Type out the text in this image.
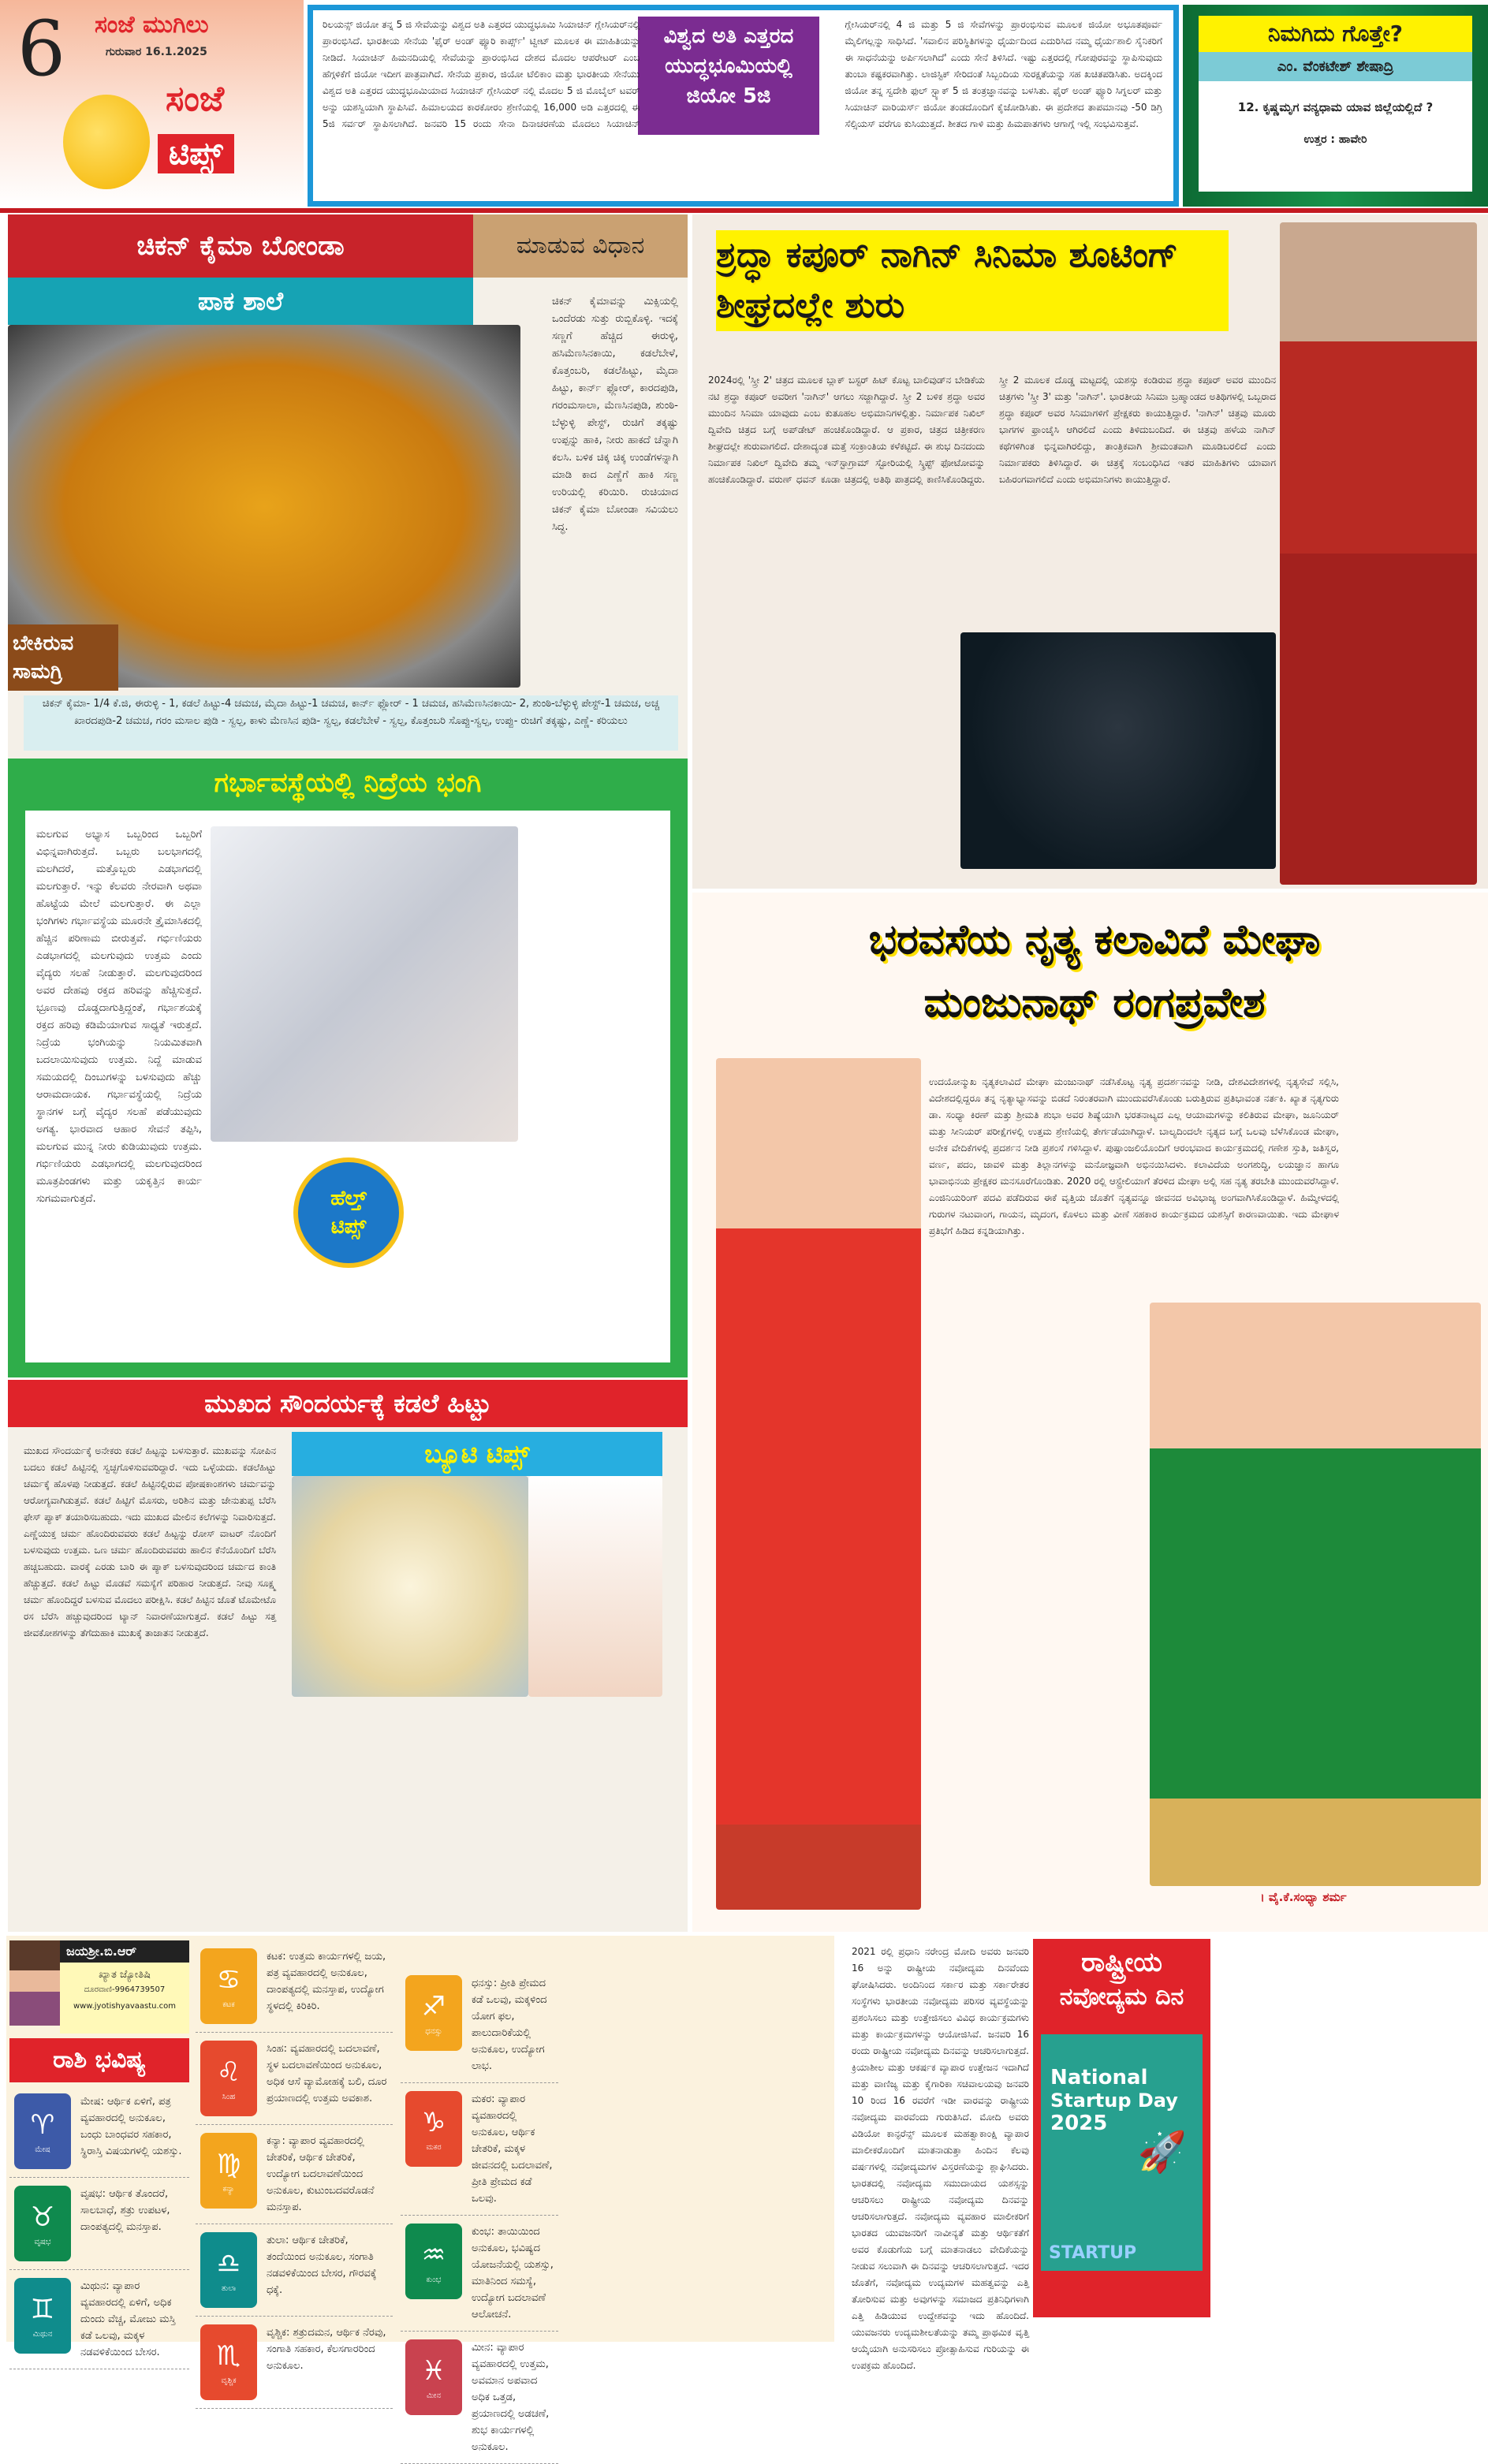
6 ಸಂಜೆ ಮುಗಿಲು
ಗುರುವಾರ 16.1.2025
ಸಂಜೆ
ಟಿಪ್ಸ್
ವಿಶ್ವದ ಅತಿ ಎತ್ತರದ ಯುದ್ಧಭೂಮಿಯಲ್ಲಿ ಜಿಯೋ 5ಜಿ
ರಿಲಯನ್ಸ್ ಜಿಯೋ ತನ್ನ 5 ಜಿ ಸೇವೆಯನ್ನು ವಿಶ್ವದ ಅತಿ ಎತ್ತರದ ಯುದ್ಧಭೂಮಿ ಸಿಯಾಚಿನ್ ಗ್ಲೇಸಿಯರ್‌ನಲ್ಲಿ ಪ್ರಾರಂಭಿಸಿದೆ. ಭಾರತೀಯ ಸೇನೆಯ 'ಫೈರ್ ಅಂಡ್ ಫ್ಯೂರಿ ಕಾರ್ಪ್ಸ್' ಟ್ವೀಟ್ ಮೂಲಕ ಈ ಮಾಹಿತಿಯನ್ನು ನೀಡಿದೆ. ಸಿಯಾಚಿನ್ ಹಿಮನದಿಯಲ್ಲಿ ಸೇವೆಯನ್ನು ಪ್ರಾರಂಭಿಸಿದ ದೇಶದ ಮೊದಲ ಆಪರೇಟರ್ ಎಂಬ ಹೆಗ್ಗಳಿಕೆಗೆ ಜಿಯೋ ಇದೀಗ ಪಾತ್ರವಾಗಿದೆ. ಸೇನೆಯ ಪ್ರಕಾರ, ಜಿಯೋ ಟೆಲಿಕಾಂ ಮತ್ತು ಭಾರತೀಯ ಸೇನೆಯು ವಿಶ್ವದ ಅತಿ ಎತ್ತರದ ಯುದ್ಧಭೂಮಿಯಾದ ಸಿಯಾಚಿನ್ ಗ್ಲೇಸಿಯರ್ ನಲ್ಲಿ ಮೊದಲ 5 ಜಿ ಮೊಬೈಲ್ ಟವರ್ ಅನ್ನು ಯಶಸ್ವಿಯಾಗಿ ಸ್ಥಾಪಿಸಿವೆ. ಹಿಮಾಲಯದ ಕಾರಕೋರಂ ಶ್ರೇಣಿಯಲ್ಲಿ 16,000 ಅಡಿ ಎತ್ತರದಲ್ಲಿ ಈ 5ಜಿ ಸರ್ವರ್ ಸ್ಥಾಪಿಸಲಾಗಿದೆ. ಜನವರಿ 15 ರಂದು ಸೇನಾ ದಿನಾಚರಣೆಯ ಮೊದಲು ಸಿಯಾಚಿನ್ ಗ್ಲೇಸಿಯರ್‌ನಲ್ಲಿ 4 ಜಿ ಮತ್ತು 5 ಜಿ ಸೇವೆಗಳನ್ನು ಪ್ರಾರಂಭಿಸುವ ಮೂಲಕ ಜಿಯೋ ಅಭೂತಪೂರ್ವ ಮೈಲಿಗಲ್ಲನ್ನು ಸಾಧಿಸಿದೆ. 'ಸವಾಲಿನ ಪರಿಸ್ಥಿತಿಗಳನ್ನು ಧೈರ್ಯದಿಂದ ಎದುರಿಸಿದ ನಮ್ಮ ಧೈರ್ಯಶಾಲಿ ಸೈನಿಕರಿಗೆ ಈ ಸಾಧನೆಯನ್ನು ಅರ್ಪಿಸಲಾಗಿದೆ' ಎಂದು ಸೇನೆ ತಿಳಿಸಿದೆ. ಇಷ್ಟು ಎತ್ತರದಲ್ಲಿ ಗೋಪುರವನ್ನು ಸ್ಥಾಪಿಸುವುದು ತುಂಬಾ ಕಷ್ಟಕರವಾಗಿತ್ತು. ಲಾಜಿಸ್ಟಿಕ್ ಸೇರಿದಂತೆ ಸಿಬ್ಬಂದಿಯ ಸುರಕ್ಷತೆಯನ್ನು ಸಹ ಖಚಿತಪಡಿಸಿತು. ಅದಕ್ಕಿಂದ ಜಿಯೋ ತನ್ನ ಸ್ವದೇಶಿ ಫುಲ್ ಸ್ಟ್ಯಾಕ್ 5 ಜಿ ತಂತ್ರಜ್ಞಾನವನ್ನು ಬಳಸಿತು. ಫೈರ್ ಅಂಡ್ ಫ್ಯೂರಿ ಸಿಗ್ನಲರ್ ಮತ್ತು ಸಿಯಾಚಿನ್ ವಾರಿಯರ್ಸ್ ಜಿಯೋ ತಂಡದೊಂದಿಗೆ ಕೈಜೋಡಿಸಿತು. ಈ ಪ್ರದೇಶದ ತಾಪಮಾನವು -50 ಡಿಗ್ರಿ ಸೆಲ್ಸಿಯಸ್ ವರೆಗೂ ಕುಸಿಯುತ್ತದೆ. ಶೀತದ ಗಾಳಿ ಮತ್ತು ಹಿಮಪಾತಗಳು ಆಗಾಗ್ಗೆ ಇಲ್ಲಿ ಸಂಭವಿಸುತ್ತವೆ.
ನಿಮಗಿದು ಗೊತ್ತೇ?
ಎಂ. ವೆಂಕಟೇಶ್ ಶೇಷಾದ್ರಿ
12. ಕೃಷ್ಣಮೃಗ ವನ್ಯಧಾಮ ಯಾವ ಜಿಲ್ಲೆಯಲ್ಲಿದೆ ?
ಉತ್ತರ : ಹಾವೇರಿ
ಚಿಕನ್ ಕೈಮಾ ಬೋಂಡಾ	ಮಾಡುವ ವಿಧಾನ
ಪಾಕ ಶಾಲೆ
ಬೇಕಿರುವ ಸಾಮಗ್ರಿ
ಚಿಕನ್ ಕೈಮಾವನ್ನು ಮಿಕ್ಸಿಯಲ್ಲಿ ಒಂದೆರಡು ಸುತ್ತು ರುಬ್ಬಿಕೊಳ್ಳಿ. ಇದಕ್ಕೆ ಸಣ್ಣಗೆ ಹೆಚ್ಚಿದ ಈರುಳ್ಳಿ, ಹಸಿಮೆಣಸಿನಕಾಯಿ, ಕಡಲೆಬೇಳೆ, ಕೊತ್ತಂಬರಿ, ಕಡಲೆಹಿಟ್ಟು, ಮೈದಾ ಹಿಟ್ಟು, ಕಾರ್ನ್ ಫ್ಲೋರ್, ಕಾರದಪುಡಿ, ಗರಂಮಸಾಲಾ, ಮೆಣಸಿನಪುಡಿ, ಶುಂಠಿ-ಬೆಳ್ಳುಳ್ಳಿ ಪೇಸ್ಟ್, ರುಚಿಗೆ ತಕ್ಕಷ್ಟು ಉಪ್ಪನ್ನು ಹಾಕಿ, ನೀರು ಹಾಕದೆ ಚೆನ್ನಾಗಿ ಕಲಸಿ. ಬಳಿಕ ಚಿಕ್ಕ ಚಿಕ್ಕ ಉಂಡೆಗಳನ್ನಾಗಿ ಮಾಡಿ ಕಾದ ಎಣ್ಣೆಗೆ ಹಾಕಿ ಸಣ್ಣ ಉರಿಯಲ್ಲಿ ಕರಿಯಿರಿ. ರುಚಿಯಾದ ಚಿಕನ್ ಕೈಮಾ ಬೋಂಡಾ ಸವಿಯಲು ಸಿದ್ಧ.
ಚಿಕನ್ ಕೈಮಾ- 1/4 ಕೆ.ಜಿ, ಈರುಳ್ಳಿ - 1, ಕಡಲೆ ಹಿಟ್ಟು-4 ಚಮಚ, ಮೈದಾ ಹಿಟ್ಟು-1 ಚಮಚ, ಕಾರ್ನ್ ಫ್ಲೋರ್ - 1 ಚಮಚ, ಹಸಿಮೆಣಸಿನಕಾಯಿ- 2, ಶುಂಠಿ-ಬೆಳ್ಳುಳ್ಳಿ ಪೇಸ್ಟ್-1 ಚಮಚ, ಅಚ್ಚ ಖಾರದಪುಡಿ-2 ಚಮಚ, ಗರಂ ಮಸಾಲ ಪುಡಿ - ಸ್ವಲ್ಪ, ಕಾಳು ಮೆಣಸಿನ ಪುಡಿ- ಸ್ವಲ್ಪ, ಕಡಲೆಬೇಳೆ - ಸ್ವಲ್ಪ, ಕೊತ್ತಂಬರಿ ಸೊಪ್ಪು-ಸ್ವಲ್ಪ, ಉಪ್ಪು- ರುಚಿಗೆ ತಕ್ಕಷ್ಟು, ಎಣ್ಣೆ- ಕರಿಯಲು
ಶ್ರದ್ಧಾ ಕಪೂರ್ ನಾಗಿನ್ ಸಿನಿಮಾ ಶೂಟಿಂಗ್ ಶೀಘ್ರದಲ್ಲೇ ಶುರು
2024ರಲ್ಲಿ 'ಸ್ತ್ರೀ 2' ಚಿತ್ರದ ಮೂಲಕ ಬ್ಲಾಕ್ ಬಸ್ಟರ್ ಹಿಟ್ ಕೊಟ್ಟ ಬಾಲಿವುಡ್‌ನ ಬೇಡಿಕೆಯ ನಟಿ ಶ್ರದ್ಧಾ ಕಪೂರ್ ಅವರೀಗ 'ನಾಗಿನ್' ಆಗಲು ಸಜ್ಜಾಗಿದ್ದಾರೆ. ಸ್ತ್ರೀ 2 ಬಳಿಕ ಶ್ರದ್ಧಾ ಅವರ ಮುಂದಿನ ಸಿನಿಮಾ ಯಾವುದು ಎಂಬ ಕುತೂಹಲ ಅಭಿಮಾನಿಗಳಲ್ಲಿತ್ತು. ನಿರ್ಮಾಪಕ ನಿಖಿಲ್ ದ್ವಿವೇದಿ ಚಿತ್ರದ ಬಗ್ಗೆ ಅಪ್‌ಡೇಟ್ ಹಂಚಿಕೊಂಡಿದ್ದಾರೆ. ಆ ಪ್ರಕಾರ, ಚಿತ್ರದ ಚಿತ್ರೀಕರಣ ಶೀಘ್ರದಲ್ಲೇ ಶುರುವಾಗಲಿದೆ. ದೇಶಾದ್ಯಂತ ಮತ್ತೆ ಸಂಕ್ರಾಂತಿಯ ಕಳೆಕಟ್ಟಿದೆ. ಈ ಶುಭ ದಿನದಂದು ನಿರ್ಮಾಪಕ ನಿಖಿಲ್ ದ್ವಿವೇದಿ ತಮ್ಮ ಇನ್‌ಸ್ಟಾಗ್ರಾಮ್ ಸ್ಟೋರಿಯಲ್ಲಿ ಸ್ಕ್ರಿಪ್ಟ್ ಫೋಟೋವನ್ನು ಹಂಚಿಕೊಂಡಿದ್ದಾರೆ. ವರುಣ್ ಧವನ್ ಕೂಡಾ ಚಿತ್ರದಲ್ಲಿ ಅತಿಥಿ ಪಾತ್ರದಲ್ಲಿ ಕಾಣಿಸಿಕೊಂಡಿದ್ದರು. ಸ್ತ್ರೀ 2 ಮೂಲಕ ದೊಡ್ಡ ಮಟ್ಟದಲ್ಲಿ ಯಶಸ್ಸು ಕಂಡಿರುವ ಶ್ರದ್ಧಾ ಕಪೂರ್ ಅವರ ಮುಂದಿನ ಚಿತ್ರಗಳು 'ಸ್ತ್ರೀ 3' ಮತ್ತು 'ನಾಗಿನ್'. ಭಾರತೀಯ ಸಿನಿಮಾ ಬ್ರಹ್ಮಾಂಡದ ಅತಿಥಿಗಳಲ್ಲಿ ಒಬ್ಬರಾದ ಶ್ರದ್ಧಾ ಕಪೂರ್ ಅವರ ಸಿನಿಮಾಗಳಿಗೆ ಪ್ರೇಕ್ಷಕರು ಕಾಯುತ್ತಿದ್ದಾರೆ. 'ನಾಗಿನ್' ಚಿತ್ರವು ಮೂರು ಭಾಗಗಳ ಫ್ರಾಂಚೈಸಿ ಆಗಿರಲಿದೆ ಎಂದು ತಿಳಿದುಬಂದಿದೆ. ಈ ಚಿತ್ರವು ಹಳೆಯ ನಾಗಿನ್ ಕಥೆಗಳಿಗಿಂತ ಭಿನ್ನವಾಗಿರಲಿದ್ದು, ತಾಂತ್ರಿಕವಾಗಿ ಶ್ರೀಮಂತವಾಗಿ ಮೂಡಿಬರಲಿದೆ ಎಂದು ನಿರ್ಮಾಪಕರು ತಿಳಿಸಿದ್ದಾರೆ. ಈ ಚಿತ್ರಕ್ಕೆ ಸಂಬಂಧಿಸಿದ ಇತರ ಮಾಹಿತಿಗಳು ಯಾವಾಗ ಬಹಿರಂಗವಾಗಲಿದೆ ಎಂದು ಅಭಿಮಾನಿಗಳು ಕಾಯುತ್ತಿದ್ದಾರೆ.
ಗರ್ಭಾವಸ್ಥೆಯಲ್ಲಿ ನಿದ್ರೆಯ ಭಂಗಿ
ಹೆಲ್ತ್
ಟಿಪ್ಸ್
ಮಲಗುವ ಅಭ್ಯಾಸ ಒಬ್ಬರಿಂದ ಒಬ್ಬರಿಗೆ ವಿಭಿನ್ನವಾಗಿರುತ್ತದೆ. ಒಬ್ಬರು ಬಲಭಾಗದಲ್ಲಿ ಮಲಗಿದರೆ, ಮತ್ತೊಬ್ಬರು ಎಡಭಾಗದಲ್ಲಿ ಮಲಗುತ್ತಾರೆ. ಇನ್ನು ಕೆಲವರು ನೇರವಾಗಿ ಅಥವಾ ಹೊಟ್ಟೆಯ ಮೇಲೆ ಮಲಗುತ್ತಾರೆ. ಈ ಎಲ್ಲಾ ಭಂಗಿಗಳು ಗರ್ಭಾವಸ್ಥೆಯ ಮೂರನೇ ತ್ರೈಮಾಸಿಕದಲ್ಲಿ ಹೆಚ್ಚಿನ ಪರಿಣಾಮ ಬೀರುತ್ತವೆ. ಗರ್ಭಿಣಿಯರು ಎಡಭಾಗದಲ್ಲಿ ಮಲಗುವುದು ಉತ್ತಮ ಎಂದು ವೈದ್ಯರು ಸಲಹೆ ನೀಡುತ್ತಾರೆ. ಮಲಗುವುದರಿಂದ ಅವರ ದೇಹವು ರಕ್ತದ ಹರಿವನ್ನು ಹೆಚ್ಚಿಸುತ್ತದೆ. ಭ್ರೂಣವು ದೊಡ್ಡದಾಗುತ್ತಿದ್ದಂತೆ, ಗರ್ಭಾಶಯಕ್ಕೆ ರಕ್ತದ ಹರಿವು ಕಡಿಮೆಯಾಗುವ ಸಾಧ್ಯತೆ ಇರುತ್ತದೆ. ನಿದ್ರೆಯ ಭಂಗಿಯನ್ನು ನಿಯಮಿತವಾಗಿ ಬದಲಾಯಿಸುವುದು ಉತ್ತಮ. ನಿದ್ದೆ ಮಾಡುವ ಸಮಯದಲ್ಲಿ ದಿಂಬುಗಳನ್ನು ಬಳಸುವುದು ಹೆಚ್ಚು ಆರಾಮದಾಯಕ. ಗರ್ಭಾವಸ್ಥೆಯಲ್ಲಿ ನಿದ್ರೆಯ ಸ್ಥಾನಗಳ ಬಗ್ಗೆ ವೈದ್ಯರ ಸಲಹೆ ಪಡೆಯುವುದು ಅಗತ್ಯ. ಭಾರವಾದ ಆಹಾರ ಸೇವನೆ ತಪ್ಪಿಸಿ, ಮಲಗುವ ಮುನ್ನ ನೀರು ಕುಡಿಯುವುದು ಉತ್ತಮ. ಗರ್ಭಿಣಿಯರು ಎಡಭಾಗದಲ್ಲಿ ಮಲಗುವುದರಿಂದ ಮೂತ್ರಪಿಂಡಗಳು ಮತ್ತು ಯಕೃತ್ತಿನ ಕಾರ್ಯ ಸುಗಮವಾಗುತ್ತದೆ.
ಭರವಸೆಯ ನೃತ್ಯ ಕಲಾವಿದೆ ಮೇಘಾ
ಮಂಜುನಾಥ್ ರಂಗಪ್ರವೇಶ
ಉದಯೋನ್ಮುಖ ನೃತ್ಯಕಲಾವಿದೆ ಮೇಘಾ ಮಂಜುನಾಥ್ ನಡೆಸಿಕೊಟ್ಟ ನೃತ್ಯ ಪ್ರದರ್ಶನವನ್ನು ನೀಡಿ, ದೇಶವಿದೇಶಗಳಲ್ಲಿ ನೃತ್ಯಸೇವೆ ಸಲ್ಲಿಸಿ, ವಿದೇಶದಲ್ಲಿದ್ದರೂ ತನ್ನ ನೃತ್ಯಾಭ್ಯಾಸವನ್ನು ಬಿಡದೆ ನಿರಂತರವಾಗಿ ಮುಂದುವರೆಸಿಕೊಂಡು ಬರುತ್ತಿರುವ ಪ್ರತಿಭಾವಂತ ನರ್ತಕಿ. ಖ್ಯಾತ ನೃತ್ಯಗುರು ಡಾ. ಸಂಧ್ಯಾ ಕಿರಣ್ ಮತ್ತು ಶ್ರೀಮತಿ ಶುಭಾ ಅವರ ಶಿಷ್ಯೆಯಾಗಿ ಭರತನಾಟ್ಯದ ಎಲ್ಲ ಆಯಾಮಗಳನ್ನು ಕಲಿತಿರುವ ಮೇಘಾ, ಜೂನಿಯರ್ ಮತ್ತು ಸೀನಿಯರ್ ಪರೀಕ್ಷೆಗಳಲ್ಲಿ ಉತ್ತಮ ಶ್ರೇಣಿಯಲ್ಲಿ ತೇರ್ಗಡೆಯಾಗಿದ್ದಾಳೆ. ಬಾಲ್ಯದಿಂದಲೇ ನೃತ್ಯದ ಬಗ್ಗೆ ಒಲವು ಬೆಳೆಸಿಕೊಂಡ ಮೇಘಾ, ಅನೇಕ ವೇದಿಕೆಗಳಲ್ಲಿ ಪ್ರದರ್ಶನ ನೀಡಿ ಪ್ರಶಂಸೆ ಗಳಿಸಿದ್ದಾಳೆ. ಪುಷ್ಪಾಂಜಲಿಯೊಂದಿಗೆ ಆರಂಭವಾದ ಕಾರ್ಯಕ್ರಮದಲ್ಲಿ ಗಣೇಶ ಸ್ತುತಿ, ಜತಿಸ್ವರ, ವರ್ಣ, ಪದಂ, ಜಾವಳಿ ಮತ್ತು ತಿಲ್ಲಾನಗಳನ್ನು ಮನೋಜ್ಞವಾಗಿ ಅಭಿನಯಿಸಿದಳು. ಕಲಾವಿದೆಯ ಅಂಗಶುದ್ಧಿ, ಲಯಜ್ಞಾನ ಹಾಗೂ ಭಾವಾಭಿನಯ ಪ್ರೇಕ್ಷಕರ ಮನಸೂರೆಗೊಂಡಿತು. 2020 ರಲ್ಲಿ ಆಸ್ಟ್ರೇಲಿಯಾಗೆ ತೆರಳಿದ ಮೇಘಾ ಅಲ್ಲಿ ಸಹ ನೃತ್ಯ ತರಬೇತಿ ಮುಂದುವರೆಸಿದ್ದಾಳೆ. ಎಂಜಿನಿಯರಿಂಗ್ ಪದವಿ ಪಡೆದಿರುವ ಈಕೆ ವೃತ್ತಿಯ ಜೊತೆಗೆ ನೃತ್ಯವನ್ನೂ ಜೀವನದ ಅವಿಭಾಜ್ಯ ಅಂಗವಾಗಿಸಿಕೊಂಡಿದ್ದಾಳೆ. ಹಿಮ್ಮೇಳದಲ್ಲಿ ಗುರುಗಳ ನಟುವಾಂಗ, ಗಾಯನ, ಮೃದಂಗ, ಕೊಳಲು ಮತ್ತು ವೀಣೆ ಸಹಕಾರ ಕಾರ್ಯಕ್ರಮದ ಯಶಸ್ಸಿಗೆ ಕಾರಣವಾಯಿತು. ಇದು ಮೇಘಾಳ ಪ್ರತಿಭೆಗೆ ಹಿಡಿದ ಕನ್ನಡಿಯಾಗಿತ್ತು.
। ವೈ.ಕೆ.ಸಂಧ್ಯಾ ಶರ್ಮ
ಮುಖದ ಸೌಂದರ್ಯಕ್ಕೆ ಕಡಲೆ ಹಿಟ್ಟು
ಬ್ಯೂಟಿ ಟಿಪ್ಸ್
ಮುಖದ ಸೌಂದರ್ಯಕ್ಕೆ ಅನೇಕರು ಕಡಲೆ ಹಿಟ್ಟನ್ನು ಬಳಸುತ್ತಾರೆ. ಮುಖವನ್ನು ಸೋಪಿನ ಬದಲು ಕಡಲೆ ಹಿಟ್ಟಿನಲ್ಲಿ ಸ್ವಚ್ಛಗೊಳಿಸುವವರಿದ್ದಾರೆ. ಇದು ಒಳ್ಳೆಯದು. ಕಡಲೆಹಿಟ್ಟು ಚರ್ಮಕ್ಕೆ ಹೊಳಪು ನೀಡುತ್ತದೆ. ಕಡಲೆ ಹಿಟ್ಟಿನಲ್ಲಿರುವ ಪೋಷಕಾಂಶಗಳು ಚರ್ಮವನ್ನು ಆರೋಗ್ಯವಾಗಿಡುತ್ತವೆ. ಕಡಲೆ ಹಿಟ್ಟಿಗೆ ಮೊಸರು, ಅರಿಶಿನ ಮತ್ತು ಜೇನುತುಪ್ಪ ಬೆರೆಸಿ ಫೇಸ್ ಪ್ಯಾಕ್ ತಯಾರಿಸಬಹುದು. ಇದು ಮುಖದ ಮೇಲಿನ ಕಲೆಗಳನ್ನು ನಿವಾರಿಸುತ್ತದೆ. ಎಣ್ಣೆಯುಕ್ತ ಚರ್ಮ ಹೊಂದಿರುವವರು ಕಡಲೆ ಹಿಟ್ಟನ್ನು ರೋಸ್ ವಾಟರ್ ನೊಂದಿಗೆ ಬಳಸುವುದು ಉತ್ತಮ. ಒಣ ಚರ್ಮ ಹೊಂದಿರುವವರು ಹಾಲಿನ ಕೆನೆಯೊಂದಿಗೆ ಬೆರೆಸಿ ಹಚ್ಚಬಹುದು. ವಾರಕ್ಕೆ ಎರಡು ಬಾರಿ ಈ ಪ್ಯಾಕ್ ಬಳಸುವುದರಿಂದ ಚರ್ಮದ ಕಾಂತಿ ಹೆಚ್ಚುತ್ತದೆ. ಕಡಲೆ ಹಿಟ್ಟು ಮೊಡವೆ ಸಮಸ್ಯೆಗೆ ಪರಿಹಾರ ನೀಡುತ್ತದೆ. ನೀವು ಸೂಕ್ಷ್ಮ ಚರ್ಮ ಹೊಂದಿದ್ದರೆ ಬಳಸುವ ಮೊದಲು ಪರೀಕ್ಷಿಸಿ. ಕಡಲೆ ಹಿಟ್ಟಿನ ಜೊತೆ ಟೊಮೇಟೊ ರಸ ಬೆರೆಸಿ ಹಚ್ಚುವುದರಿಂದ ಟ್ಯಾನ್ ನಿವಾರಣೆಯಾಗುತ್ತದೆ. ಕಡಲೆ ಹಿಟ್ಟು ಸತ್ತ ಜೀವಕೋಶಗಳನ್ನು ತೆಗೆದುಹಾಕಿ ಮುಖಕ್ಕೆ ತಾಜಾತನ ನೀಡುತ್ತದೆ.
ಜಯಶ್ರೀ.ಬಿ.ಆರ್
ಖ್ಯಾತ ಜ್ಯೋತಿಷಿ
ದೂರವಾಣಿ-9964739507
www.jyotishyavaastu.com
ರಾಶಿ ಭವಿಷ್ಯ
♈
ಮೇಷ

ಮೇಷ: ಆರ್ಥಿಕ ಏಳಿಗೆ, ಪತ್ರ ವ್ಯವಹಾರದಲ್ಲಿ ಅನುಕೂಲ, ಬಂಧು ಬಾಂಧವರ ಸಹಕಾರ, ಸ್ಥಿರಾಸ್ತಿ ವಿಷಯಗಳಲ್ಲಿ ಯಶಸ್ಸು.

♉
ವೃಷಭ

ವೃಷಭ: ಆರ್ಥಿಕ ತೊಂದರೆ, ಸಾಲಬಾಧೆ, ಶತ್ರು ಉಪಟಳ, ದಾಂಪತ್ಯದಲ್ಲಿ ಮನಸ್ತಾಪ.

♊
ಮಿಥುನ

ಮಿಥುನ: ವ್ಯಾಪಾರ ವ್ಯವಹಾರದಲ್ಲಿ ಏಳಿಗೆ, ಅಧಿಕ ದುಂದು ವೆಚ್ಚ, ಮೋಜು ಮಸ್ತಿ ಕಡೆ ಒಲವು, ಮಕ್ಕಳ ನಡವಳಿಕೆಯಿಂದ ಬೇಸರ.

♋
ಕಟಕ

ಕಟಕ: ಉತ್ತಮ ಕಾರ್ಯಗಳಲ್ಲಿ ಜಯ, ಪತ್ರ ವ್ಯವಹಾರದಲ್ಲಿ ಅನುಕೂಲ, ದಾಂಪತ್ಯದಲ್ಲಿ ಮನಸ್ತಾಪ, ಉದ್ಯೋಗ ಸ್ಥಳದಲ್ಲಿ ಕಿರಿಕಿರಿ.

♌
ಸಿಂಹ

ಸಿಂಹ: ವ್ಯವಹಾರದಲ್ಲಿ ಬದಲಾವಣೆ, ಸ್ಥಳ ಬದಲಾವಣೆಯಿಂದ ಅನುಕೂಲ, ಅಧಿಕ ಆಸೆ ವ್ಯಾಮೋಹಕ್ಕೆ ಬಲಿ, ದೂರ ಪ್ರಯಾಣದಲ್ಲಿ ಉತ್ತಮ ಅವಕಾಶ.

♍
ಕನ್ಯಾ

ಕನ್ಯಾ: ವ್ಯಾಪಾರ ವ್ಯವಹಾರದಲ್ಲಿ ಚೇತರಿಕೆ, ಆರ್ಥಿಕ ಚೇತರಿಕೆ, ಉದ್ಯೋಗ ಬದಲಾವಣೆಯಿಂದ ಅನುಕೂಲ, ಕುಟುಂಬದವರೊಡನೆ ಮನಸ್ತಾಪ.

♎
ತುಲಾ

ತುಲಾ: ಆರ್ಥಿಕ ಚೇತರಿಕೆ, ತಂದೆಯಿಂದ ಅನುಕೂಲ, ಸಂಗಾತಿ ನಡವಳಿಕೆಯಿಂದ ಬೇಸರ, ಗೌರವಕ್ಕೆ ಧಕ್ಕೆ.

♏
ವೃಶ್ಚಿಕ

ವೃಶ್ಚಿಕ: ಶತ್ರುದಮನ, ಆರ್ಥಿಕ ನೆರವು, ಸಂಗಾತಿ ಸಹಕಾರ, ಕೆಲಸಗಾರರಿಂದ ಅನುಕೂಲ.

♐
ಧನಸ್ಸು

ಧನಸ್ಸು: ಪ್ರೀತಿ ಪ್ರೇಮದ ಕಡೆ ಒಲವು, ಮಕ್ಕಳಿಂದ ಯೋಗ ಫಲ, ಪಾಲುದಾರಿಕೆಯಲ್ಲಿ ಅನುಕೂಲ, ಉದ್ಯೋಗ ಲಾಭ.

♑
ಮಕರ

ಮಕರ: ವ್ಯಾಪಾರ ವ್ಯವಹಾರದಲ್ಲಿ ಅನುಕೂಲ, ಆರ್ಥಿಕ ಚೇತರಿಕೆ, ಮಕ್ಕಳ ಜೀವನದಲ್ಲಿ ಬದಲಾವಣೆ, ಪ್ರೀತಿ ಪ್ರೇಮದ ಕಡೆ ಒಲವು.

♒
ಕುಂಭ

ಕುಂಭ: ತಾಯಿಯಿಂದ ಅನುಕೂಲ, ಭವಿಷ್ಯದ ಯೋಜನೆಯಲ್ಲಿ ಯಶಸ್ಸು, ಮಾತಿನಿಂದ ಸಮಸ್ಯೆ, ಉದ್ಯೋಗ ಬದಲಾವಣೆ ಆಲೋಚನೆ.

♓
ಮೀನ

ಮೀನ: ವ್ಯಾಪಾರ ವ್ಯವಹಾರದಲ್ಲಿ ಉತ್ತಮ, ಅವಮಾನ ಅಪವಾದ ಅಧಿಕ ಒತ್ತಡ, ಪ್ರಯಾಣದಲ್ಲಿ ಅಡಚಣೆ, ಶುಭ ಕಾರ್ಯಗಳಲ್ಲಿ ಅನುಕೂಲ.

ರಾಷ್ಟ್ರೀಯ
ನವೋದ್ಯಮ ದಿನ
National
Startup Day
2025
🚀
STARTUP
2021 ರಲ್ಲಿ ಪ್ರಧಾನಿ ನರೇಂದ್ರ ಮೋದಿ ಅವರು ಜನವರಿ 16 ಅನ್ನು ರಾಷ್ಟ್ರೀಯ ನವೋದ್ಯಮ ದಿನವೆಂದು ಘೋಷಿಸಿದರು. ಅಂದಿನಿಂದ ಸರ್ಕಾರ ಮತ್ತು ಸರ್ಕಾರೇತರ ಸಂಸ್ಥೆಗಳು ಭಾರತೀಯ ನವೋದ್ಯಮ ಪರಿಸರ ವ್ಯವಸ್ಥೆಯನ್ನು ಪ್ರಶಂಸಿಸಲು ಮತ್ತು ಉತ್ತೇಜಿಸಲು ವಿವಿಧ ಕಾರ್ಯಕ್ರಮಗಳು ಮತ್ತು ಕಾರ್ಯಕ್ರಮಗಳನ್ನು ಆಯೋಜಿಸಿವೆ. ಜನವರಿ 16 ರಂದು ರಾಷ್ಟ್ರೀಯ ನವೋದ್ಯಮ ದಿನವನ್ನು ಆಚರಿಸಲಾಗುತ್ತದೆ. ಕ್ರಿಯಾಶೀಲ ಮತ್ತು ಆಕರ್ಷಕ ವ್ಯಾಪಾರ ಉತ್ತೇಜನ ಇದಾಗಿದೆ ಮತ್ತು ವಾಣಿಜ್ಯ ಮತ್ತು ಕೈಗಾರಿಕಾ ಸಚಿವಾಲಯವು ಜನವರಿ 10 ರಿಂದ 16 ರವರೆಗೆ ಇಡೀ ವಾರವನ್ನು ರಾಷ್ಟ್ರೀಯ ನವೋದ್ಯಮ ವಾರವೆಂದು ಗುರುತಿಸಿದೆ. ಮೋದಿ ಅವರು ವಿಡಿಯೋ ಕಾನ್ಫರೆನ್ಸ್ ಮೂಲಕ ಮಹತ್ವಾಕಾಂಕ್ಷಿ ವ್ಯಾಪಾರ ಮಾಲೀಕರೊಂದಿಗೆ ಮಾತನಾಡುತ್ತಾ ಹಿಂದಿನ ಕೆಲವು ವರ್ಷಗಳಲ್ಲಿ ನವೋದ್ಯಮಗಳ ವಿಸ್ತರಣೆಯನ್ನು ಶ್ಲಾಘಿಸಿದರು. ಭಾರತದಲ್ಲಿ ನವೋದ್ಯಮ ಸಮುದಾಯದ ಯಶಸ್ಸನ್ನು ಆಚರಿಸಲು ರಾಷ್ಟ್ರೀಯ ನವೋದ್ಯಮ ದಿನವನ್ನು ಆಚರಿಸಲಾಗುತ್ತದೆ. ನವೋದ್ಯಮ ವ್ಯವಹಾರ ಮಾಲೀಕರಿಗೆ ಭಾರತದ ಯುವಜನರಿಗೆ ನಾವೀನ್ಯತೆ ಮತ್ತು ಆರ್ಥಿಕತೆಗೆ ಅವರ ಕೊಡುಗೆಯ ಬಗ್ಗೆ ಮಾತನಾಡಲು ವೇದಿಕೆಯನ್ನು ನೀಡುವ ಸಲುವಾಗಿ ಈ ದಿನವನ್ನು ಆಚರಿಸಲಾಗುತ್ತದೆ. ಇದರ ಜೊತೆಗೆ, ನವೋದ್ಯಮ ಉದ್ಯಮಗಳ ಮಹತ್ವವನ್ನು ಎತ್ತಿ ತೋರಿಸುವ ಮತ್ತು ಅವುಗಳನ್ನು ಸಮಾಜದ ಪ್ರತಿನಿಧಿಗಳಾಗಿ ಎತ್ತಿ ಹಿಡಿಯುವ ಉದ್ದೇಶವನ್ನು ಇದು ಹೊಂದಿದೆ. ಯುವಜನರು ಉದ್ಯಮಶೀಲತೆಯನ್ನು ತಮ್ಮ ಪ್ರಾಥಮಿಕ ವೃತ್ತಿ ಆಯ್ಕೆಯಾಗಿ ಅನುಸರಿಸಲು ಪ್ರೋತ್ಸಾಹಿಸುವ ಗುರಿಯನ್ನು ಈ ಉಪಕ್ರಮ ಹೊಂದಿದೆ.
